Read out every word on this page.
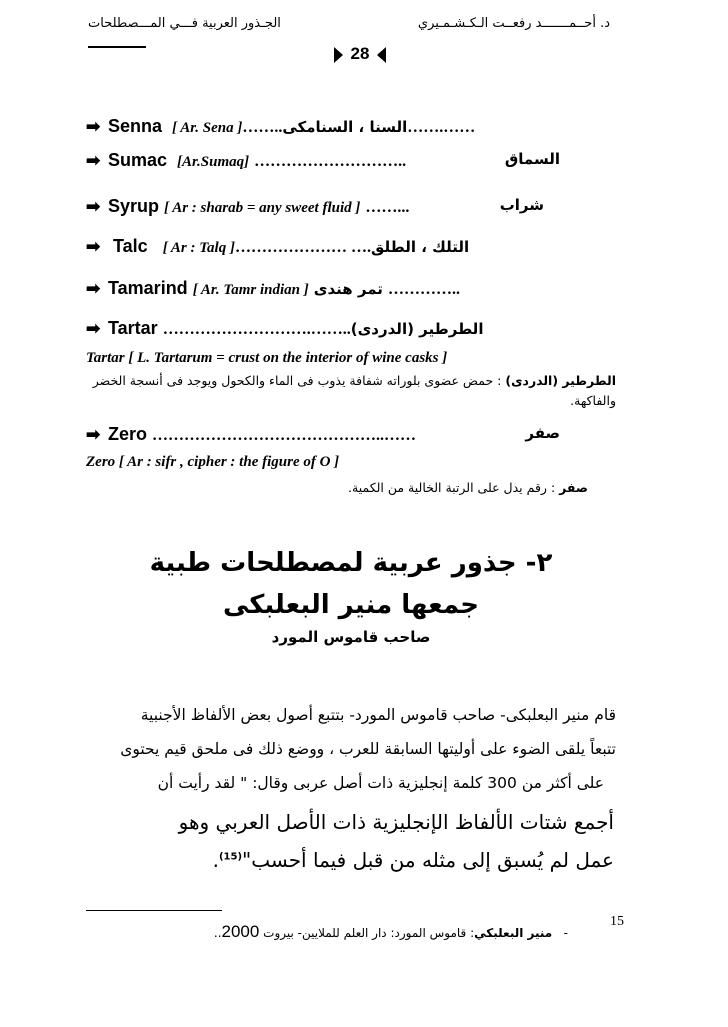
د. أحــمـــــــد رفعــت الـكـشـمـيري
الجـذور العربية فـــي المـــصطلحات
28
➡ Senna [ Ar. Sena ]……..السنا ، السنامكى…….……
➡ Sumac [Ar.Sumaq] ………………………..	السماق
➡ Syrup [ Ar : sharab = any sweet fluid ] ……...	شراب
➡ Talc [ Ar : Talq ]………………… ….التلك ، الطلق
➡ Tamarind [ Ar. Tamr indian ] تمر هندى …………..
➡ Tartar ……………………….……..(الطرطير (الدردى
Tartar [ L. Tartarum = crust on the interior of wine casks ]
الطرطير (الدردى) : حمض عضوى بلوراته شفافة يذوب فى الماء والكحول ويوجد فى أنسجة الخضر والفاكهة.
➡ Zero ……………………………………..……	صفر
Zero [ Ar : sifr , cipher : the figure of O ]
صفر : رقم يدل على الرتبة الخالية من الكمية.
٢- جذور عربية لمصطلحات طبية
جمعها منير البعلبكى
صاحب قاموس المورد
قام منير البعلبكى- صاحب قاموس المورد- بتتبع أصول بعض الألفاظ الأجنبية
تتبعاً يلقى الضوء على أوليتها السابقة للعرب ، ووضع ذلك فى ملحق قيم يحتوى
على أكثر من 300 كلمة إنجليزية ذات أصل عربى وقال: " لقد رأيت أن
أجمع شتات الألفاظ الإنجليزية ذات الأصل العربي وهو
عمل لم يُسبق إلى مثله من قبل فيما أحسب"$^{(15)}$.
15
-   منير البعلبكي: قاموس المورد: دار العلم للملايين- بيروت 2000..
